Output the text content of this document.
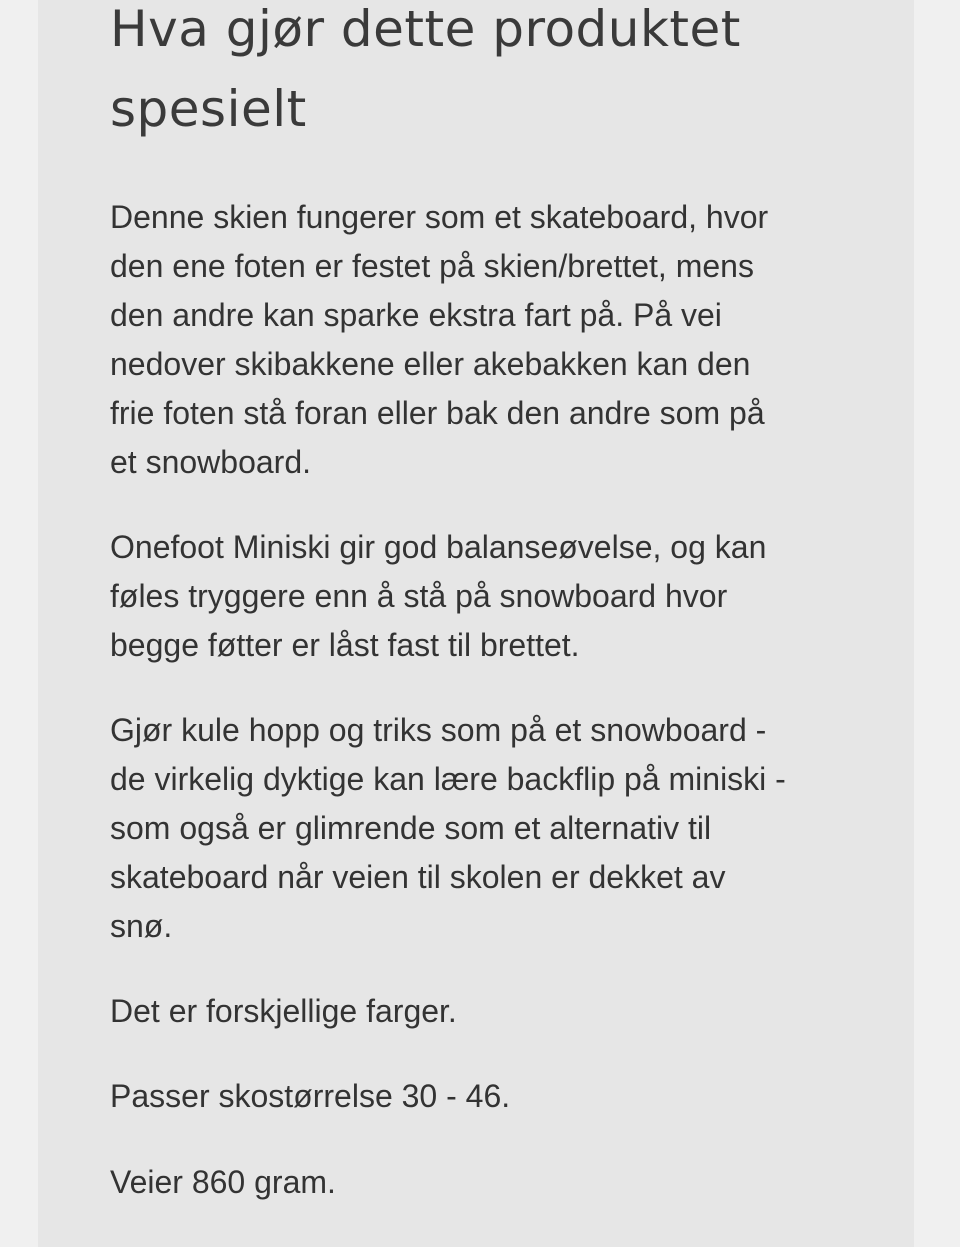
Hva gjør dette produktet
spesielt

Denne skien fungerer som et skateboard, hvor
den ene foten er festet på skien/brettet, mens
den andre kan sparke ekstra fart på. På vei
nedover skibakkene eller akebakken kan den
frie foten stå foran eller bak den andre som på
et snowboard.

Onefoot Miniski gir god balanseøvelse, og kan
føles tryggere enn å stå på snowboard hvor
begge føtter er låst fast til brettet.

Gjør kule hopp og triks som på et snowboard -
de virkelig dyktige kan lære backflip på miniski -
som også er glimrende som et alternativ til
skateboard når veien til skolen er dekket av
snø.

Det er forskjellige farger.

Passer skostørrelse 30 - 46.

Veier 860 gram.
